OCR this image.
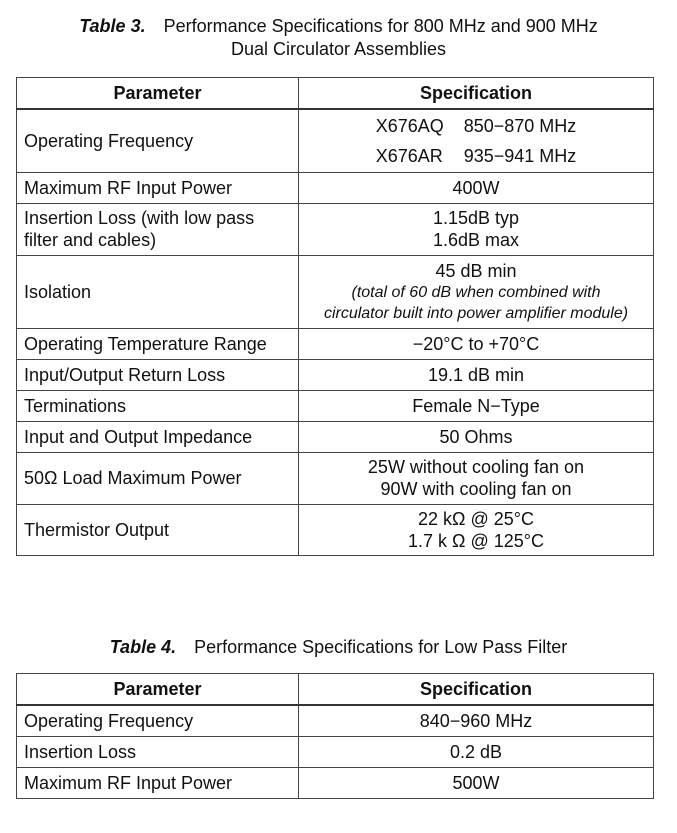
Table 3. Performance Specifications for 800 MHz and 900 MHz
Dual Circulator Assemblies
Parameter	Specification
Operating Frequency	X676AQ 850−870 MHz
X676AR 935−941 MHz

Maximum RF Input Power	400W

Insertion Loss (with low pass
filter and cables)	1.15dB typ
1.6dB max

Isolation	45 dB min
(total of 60 dB when combined with
circulator built into power amplifier module)

Operating Temperature Range	−20°C to +70°C
Input/Output Return Loss	19.1 dB min
Terminations	Female N−Type
Input and Output Impedance	50 Ohms
50Ω Load Maximum Power	25W without cooling fan on
90W with cooling fan on

Thermistor Output	22 kΩ @ 25°C
1.7 k Ω @ 125°C
Table 4. Performance Specifications for Low Pass Filter
Parameter	Specification
Operating Frequency	840−960 MHz
Insertion Loss	0.2 dB
Maximum RF Input Power	500W
